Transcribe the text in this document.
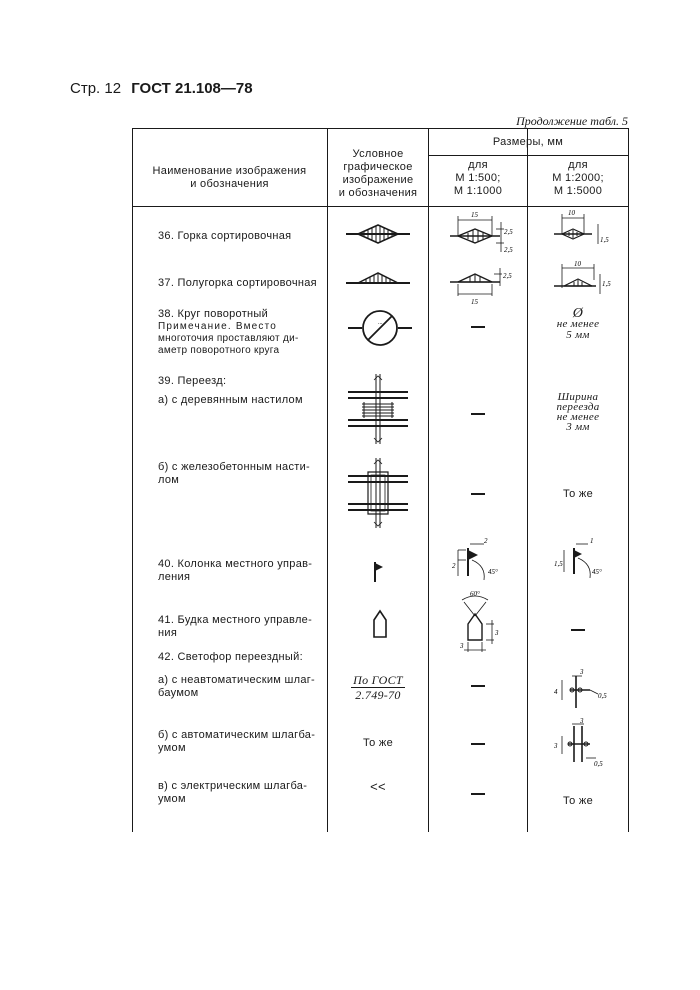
Стр. 12 ГОСТ 21.108—78
Продолжение табл. 5
Наименование изображения
и обозначения
Условное
графическое
изображение
и обозначения
Размеры, мм
для
М 1:500;
М 1:1000
для
М 1:2000;
М 1:5000
36. Горка сортировочная
15
2,5
2,5
10
1,5
37. Полугорка сортировочная
2,5
15
10
1,5
38. Круг поворотный
Примечание. Вместо
многоточия проставляют ди-
аметр поворотного круга
...
Ø
не менее
5 мм
39. Переезд:
а) с деревянным настилом	Ширина
переезда
не менее
3 мм
б) с железобетонным насти-
лом
То же
40. Колонка местного управ-
ления
2
2
45°
1
1,5
45°
41. Будка местного управле-
ния
60°
3
3
42. Светофор переездный:
а) с неавтоматическим шлаг-
баумом
По ГОСТ
2.749-70
3
0,5
4
б) с автоматическим шлагба-
умом	То же
3
3
0,5
в) с электрическим шлагба-
умом
<<
То же
